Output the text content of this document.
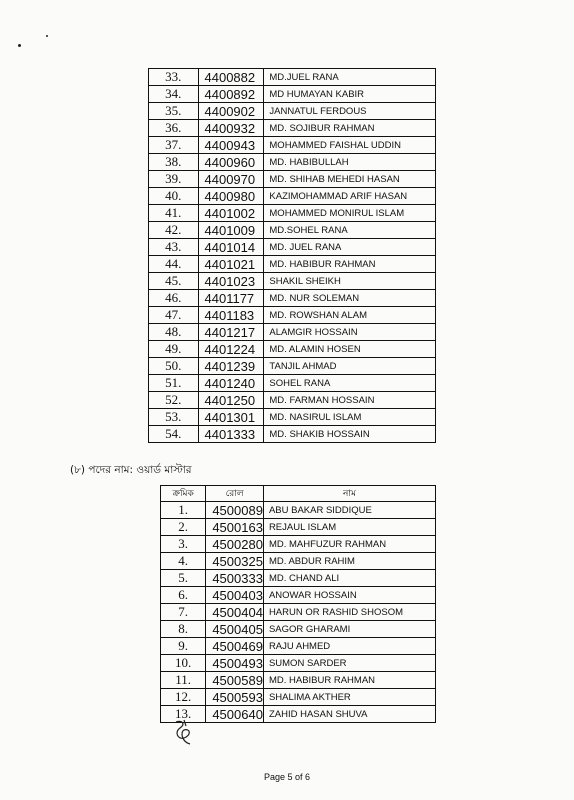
33.	4400882	MD.JUEL RANA
34.	4400892	MD HUMAYAN KABIR
35.	4400902	JANNATUL FERDOUS
36.	4400932	MD. SOJIBUR RAHMAN
37.	4400943	MOHAMMED FAISHAL UDDIN
38.	4400960	MD. HABIBULLAH
39.	4400970	MD. SHIHAB MEHEDI HASAN
40.	4400980	KAZIMOHAMMAD ARIF HASAN
41.	4401002	MOHAMMED MONIRUL ISLAM
42.	4401009	MD.SOHEL RANA
43.	4401014	MD. JUEL RANA
44.	4401021	MD. HABIBUR RAHMAN
45.	4401023	SHAKIL SHEIKH
46.	4401177	MD. NUR SOLEMAN
47.	4401183	MD. ROWSHAN ALAM
48.	4401217	ALAMGIR HOSSAIN
49.	4401224	MD. ALAMIN HOSEN
50.	4401239	TANJIL AHMAD
51.	4401240	SOHEL RANA
52.	4401250	MD. FARMAN HOSSAIN
53.	4401301	MD. NASIRUL ISLAM
54.	4401333	MD. SHAKIB HOSSAIN
(৮) পদের নাম: ওয়ার্ড মাস্টার
ক্রমিক	রোল	নাম
1.	4500089	ABU BAKAR SIDDIQUE
2.	4500163	REJAUL ISLAM
3.	4500280	MD. MAHFUZUR RAHMAN
4.	4500325	MD. ABDUR RAHIM
5.	4500333	MD. CHAND ALI
6.	4500403	ANOWAR HOSSAIN
7.	4500404	HARUN OR RASHID SHOSOM
8.	4500405	SAGOR GHARAMI
9.	4500469	RAJU AHMED
10.	4500493	SUMON SARDER
11.	4500589	MD. HABIBUR RAHMAN
12.	4500593	SHALIMA AKTHER
13.	4500640	ZAHID HASAN SHUVA
Page 5 of 6
